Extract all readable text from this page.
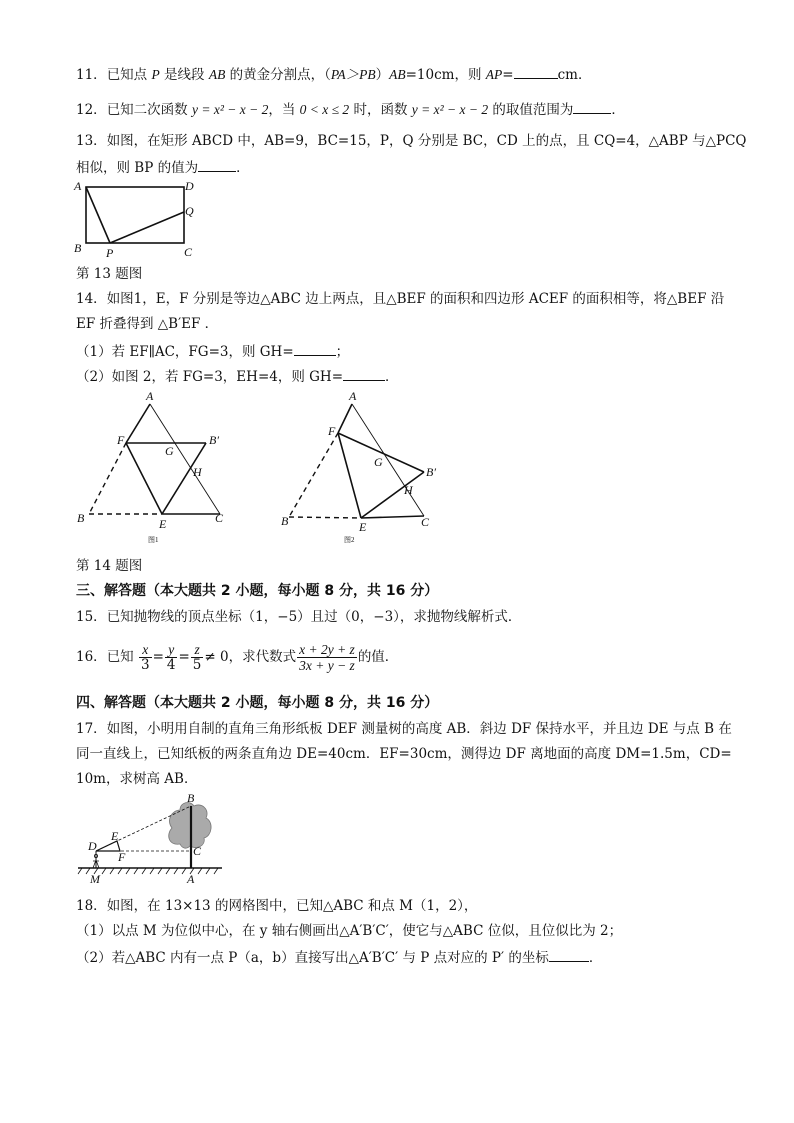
11．已知点 P 是线段 AB 的黄金分割点，（PA＞PB）AB=10cm，则 AP=	cm．
12．已知二次函数 y = x² − x − 2，当 0 < x ≤ 2 时，函数 y = x² − x − 2 的取值范围为	．
13．如图，在矩形 ABCD 中，AB=9，BC=15，P，Q 分别是 BC，CD 上的点，且 CQ=4，△ABP 与△PCQ
相似，则 BP 的值为	．
A
B	C
D
P
Q
第 13 题图
14．如图1，E，F 分别是等边△ABC 边上两点，且△BEF 的面积和四边形 ACEF 的面积相等，将△BEF 沿
EF 折叠得到 △B′EF ．
（1）若 EF∥AC，FG=3，则 GH=	；
（2）如图 2，若 FG=3，EH=4，则 GH=	．
A
F	B′
G
H
B	E	C
图1
A
F
B′
G
H
B	E	C
图2
第 14 题图
三、解答题（本大题共 2 小题，每小题 8 分，共 16 分）
15．已知抛物线的顶点坐标（1，−5）且过（0，−3），求抛物线解析式．
16．已知 $\frac{x}{3} = \frac{y}{4} = \frac{z}{5} \ne 0$，求代数式 $\frac{x + 2y + z}{3x + y - z}$ 的值．
四、解答题（本大题共 2 小题，每小题 8 分，共 16 分）
17．如图，小明用自制的直角三角形纸板 DEF 测量树的高度 AB．斜边 DF 保持水平，并且边 DE 与点 B 在
同一直线上，已知纸板的两条直角边 DE=40cm．EF=30cm，测得边 DF 离地面的高度 DM=1.5m，CD=
10m，求树高 AB．
B
C
D
E
F
M	A
18．如图，在 13×13 的网格图中，已知△ABC 和点 M（1，2），
（1）以点 M 为位似中心，在 y 轴右侧画出△A′B′C′，使它与△ABC 位似，且位似比为 2；
（2）若△ABC 内有一点 P（a，b）直接写出△A′B′C′ 与 P 点对应的 P′ 的坐标	．
